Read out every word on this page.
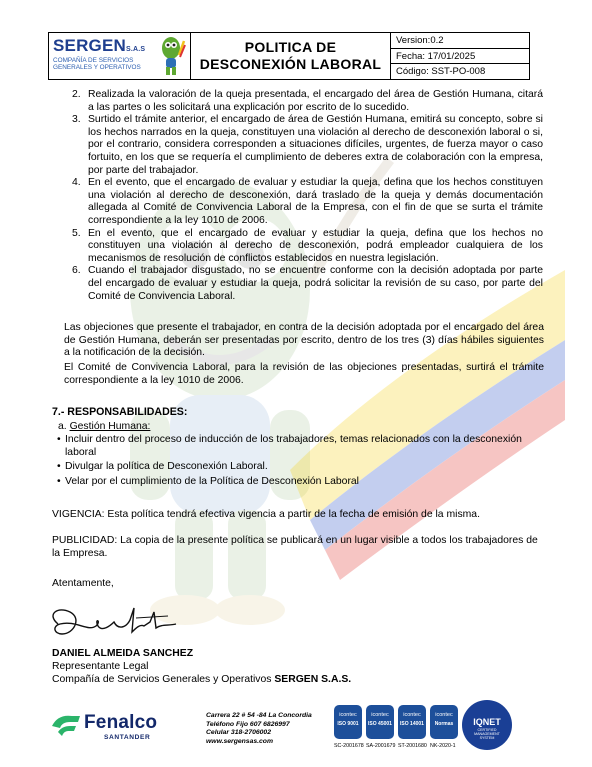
SERGENS.A.S
COMPAÑÍA DE SERVICIOS GENERALES Y OPERATIVOS
POLITICA DE
DESCONEXIÓN LABORAL
Version:0.2
Fecha: 17/01/2025
Código: SST-PO-008

2. Realizada la valoración de la queja presentada, el encargado del área de Gestión Humana, citará a las partes o les solicitará una explicación por escrito de lo sucedido.

3. Surtido el trámite anterior, el encargado de área de Gestión Humana, emitirá su concepto, sobre si los hechos narrados en la queja, constituyen una violación al derecho de desconexión laboral o si, por el contrario, considera corresponden a situaciones difíciles, urgentes, de fuerza mayor o caso fortuito, en los que se requería el cumplimiento de deberes extra de colaboración con la empresa, por parte del trabajador.

4. En el evento, que el encargado de evaluar y estudiar la queja, defina que los hechos constituyen una violación al derecho de desconexión, dará traslado de la queja y demás documentación allegada al Comité de Convivencia Laboral de la Empresa, con el fin de que se surta el trámite correspondiente a la ley 1010 de 2006.

5. En el evento, que el encargado de evaluar y estudiar la queja, defina que los hechos no constituyen una violación al derecho de desconexión, podrá empleador cualquiera de los mecanismos de resolución de conflictos establecidos en nuestra legislación.

6. Cuando el trabajador disgustado, no se encuentre conforme con la decisión adoptada por parte del encargado de evaluar y estudiar la queja, podrá solicitar la revisión de su caso, por parte del Comité de Convivencia Laboral.

Las objeciones que presente el trabajador, en contra de la decisión adoptada por el encargado del área de Gestión Humana, deberán ser presentadas por escrito, dentro de los tres (3) días hábiles siguientes a la notificación de la decisión.
El Comité de Convivencia Laboral, para la revisión de las objeciones presentadas, surtirá el trámite correspondiente a la ley 1010 de 2006.
7.- RESPONSABILIDADES:
a. Gestión Humana:
• Incluir dentro del proceso de inducción de los trabajadores, temas relacionados con la desconexión laboral
• Divulgar la política de Desconexión Laboral.
• Velar por el cumplimiento de la Política de Desconexión Laboral
VIGENCIA: Esta política tendrá efectiva vigencia a partir de la fecha de emisión de la misma.
PUBLICIDAD: La copia de la presente política se publicará en un lugar visible a todos los trabajadores de la Empresa.
Atentamente,
DANIEL ALMEIDA SANCHEZ
Representante Legal
Compañía de Servicios Generales y Operativos SERGEN S.A.S.
Fenalco
SANTANDER
Carrera 22 # 54 -84 La Concordia
Teléfono Fijo 607 6826997
Celular 318-2706002
www.sergensas.com
icontec
ISO 9001
icontec
ISO 45001
icontec
ISO 14001
icontec
Normas
SC-2001678 SA-2001679 ST-2001680 NK-2020-1
IQNET
CERTIFIED MANAGEMENT SYSTEM
